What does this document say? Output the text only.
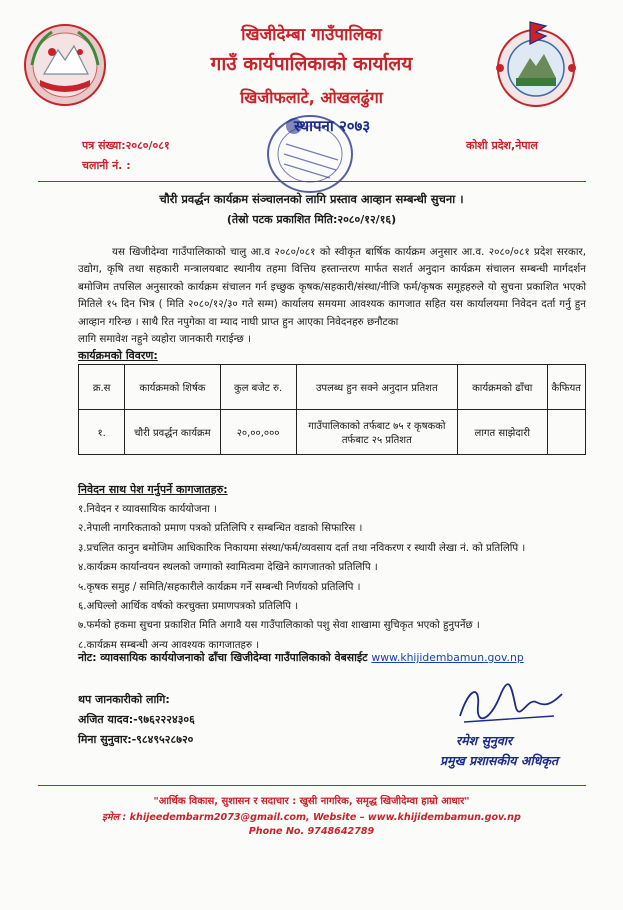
खिजीदेम्बा गाउँपालिका
गाउँ कार्यपालिकाको कार्यालय
खिजीफलाटे, ओखलढुंगा
पत्र संख्या:२०८०/०८१
चलानी नं. :
कोशी प्रदेश,नेपाल
स्थापना २०७३
चौरी प्रवर्द्धन कार्यक्रम संञ्चालनको लागि प्रस्ताव आव्हान सम्बन्धी सुचना ।
(तेस्रो पटक प्रकाशित मिति:२०८०/१२/१६)
यस खिजीदेम्वा गाउँपालिकाको चालु आ.व २०८०/०८१ को स्वीकृत बार्षिक कार्यक्रम अनुसार आ.व. २०८०/०८१ प्रदेश सरकार, उद्योग, कृषि तथा सहकारी मन्त्रालयबाट स्थानीय तहमा वित्तिय हस्तान्तरण मार्फत सशर्त अनुदान कार्यक्रम संचालन सम्बन्धी मार्गदर्शन बमोजिम तपसिल अनुसारको कार्यक्रम संचालन गर्न इच्छुक कृषक/सहकारी/संस्था/नीजि फर्म/कृषक समूहहरुले यो सुचना प्रकाशित भएको मितिले १५ दिन भित्र ( मिति २०८०/१२/३० गते सम्म) कार्यालय समयमा आवश्यक कागजात सहित यस कार्यालयमा निवेदन दर्ता गर्नु हुन आव्हान गरिन्छ । साथै रित नपुगेका वा म्याद नाघी प्राप्त हुन आएका निवेदनहरु छनौटका
लागि समावेश नहुने व्यहोरा जानकारी गराईन्छ ।
कार्यक्रमको विवरण:
क्र.स	कार्यक्रमको शिर्षक	कुल बजेट रु.	उपलब्ध हुन सक्ने अनुदान प्रतिशत	कार्यक्रमको ढाँचा	कैफियत
१.	चौरी प्रवर्द्धन कार्यक्रम	२०,००,०००	गाउँपालिकाको तर्फबाट ७५ र कृषकको तर्फबाट २५ प्रतिशत	लागत साझेदारी	
निवेदन साथ पेश गर्नुपर्ने कागजातहरु:
१.निवेदन र व्यावसायिक कार्ययोजना ।
२.नेपाली नागरिकताको प्रमाण पत्रको प्रतिलिपि र सम्बन्धित वडाको सिफारिस ।
३.प्रचलित कानुन बमोजिम आधिकारिक निकायमा संस्था/फर्म/व्यवसाय दर्ता तथा नविकरण र स्थायी लेखा नं. को प्रतिलिपि ।
४.कार्यक्रम कार्यान्वयन स्थलको जग्गाको स्वामित्वमा देखिने कागजातको प्रतिलिपि ।
५.कृषक समुह / समिति/सहकारीले कार्यक्रम गर्ने सम्बन्धी निर्णयको प्रतिलिपि ।
६.अघिल्लो आर्थिक वर्षको करचुक्ता प्रमाणपत्रको प्रतिलिपि ।
७.फर्मको हकमा सुचना प्रकाशित मिति अगावै यस गाउँपालिकाको पशु सेवा शाखामा सुचिकृत भएको हुनुपर्नेछ ।
८.कार्यक्रम सम्बन्धी अन्य आवश्यक कागजातहरु ।
नोट: व्यावसायिक कार्ययोजनाको ढाँचा खिजीदेम्वा गाउँपालिकाको वेबसाईट www.khijidembamun.gov.np
थप जानकारीको लागि:
अजित यादव:-९७६२२२४३०६
मिना सुनुवार:-९८४९५२८७२०	रमेश सुनुवार
प्रमुख प्रशासकीय अधिकृत
"आर्थिक विकास, सुशासन र सदाचार : खुसी नागरिक, समृद्ध खिजीदेम्वा हाम्रो आधार"
इमेल : khijeedembarm2073@gmail.com, Website – www.khijidembamun.gov.np
Phone No. 9748642789
